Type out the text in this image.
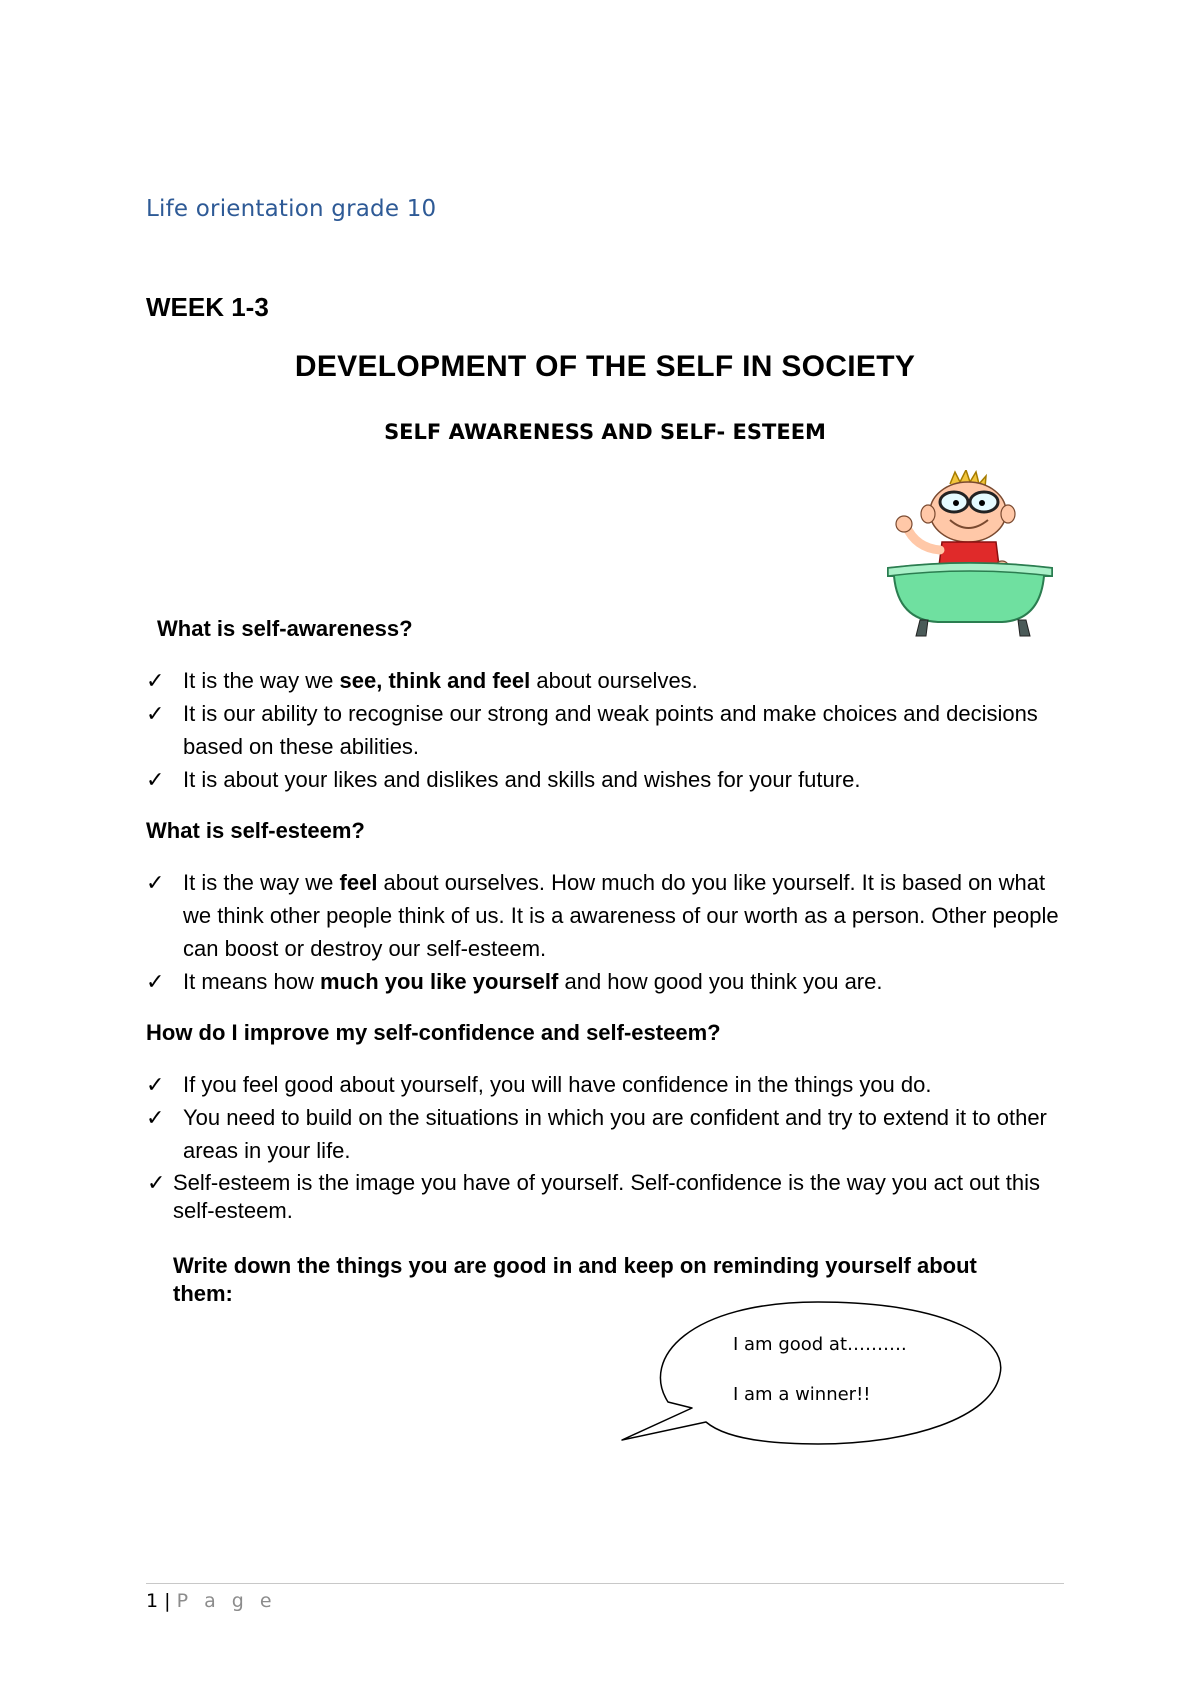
Life orientation grade 10
WEEK 1-3
DEVELOPMENT OF THE SELF IN SOCIETY
SELF AWARENESS AND SELF- ESTEEM
What is self-awareness?
✓ It is the way we see, think and feel about ourselves.
✓ It is our ability to recognise our strong and weak points and make choices and decisions based on these abilities.
✓ It is about your likes and dislikes and skills and wishes for your future.
What is self-esteem?
✓ It is the way we feel about ourselves. How much do you like yourself. It is based on what we think other people think of us. It is a awareness of our worth as a person. Other people can boost or destroy our self-esteem.
✓ It means how much you like yourself and how good you think you are.
How do I improve my self-confidence and self-esteem?
✓ If you feel good about yourself, you will have confidence in the things you do.
✓ You need to build on the situations in which you are confident and try to extend it to other areas in your life.
✓ Self-esteem is the image you have of yourself. Self-confidence is the way you act out this self-esteem.
Write down the things you are good in and keep on reminding yourself about them:
I am good at……….
I am a winner!!
1 | P a g e
